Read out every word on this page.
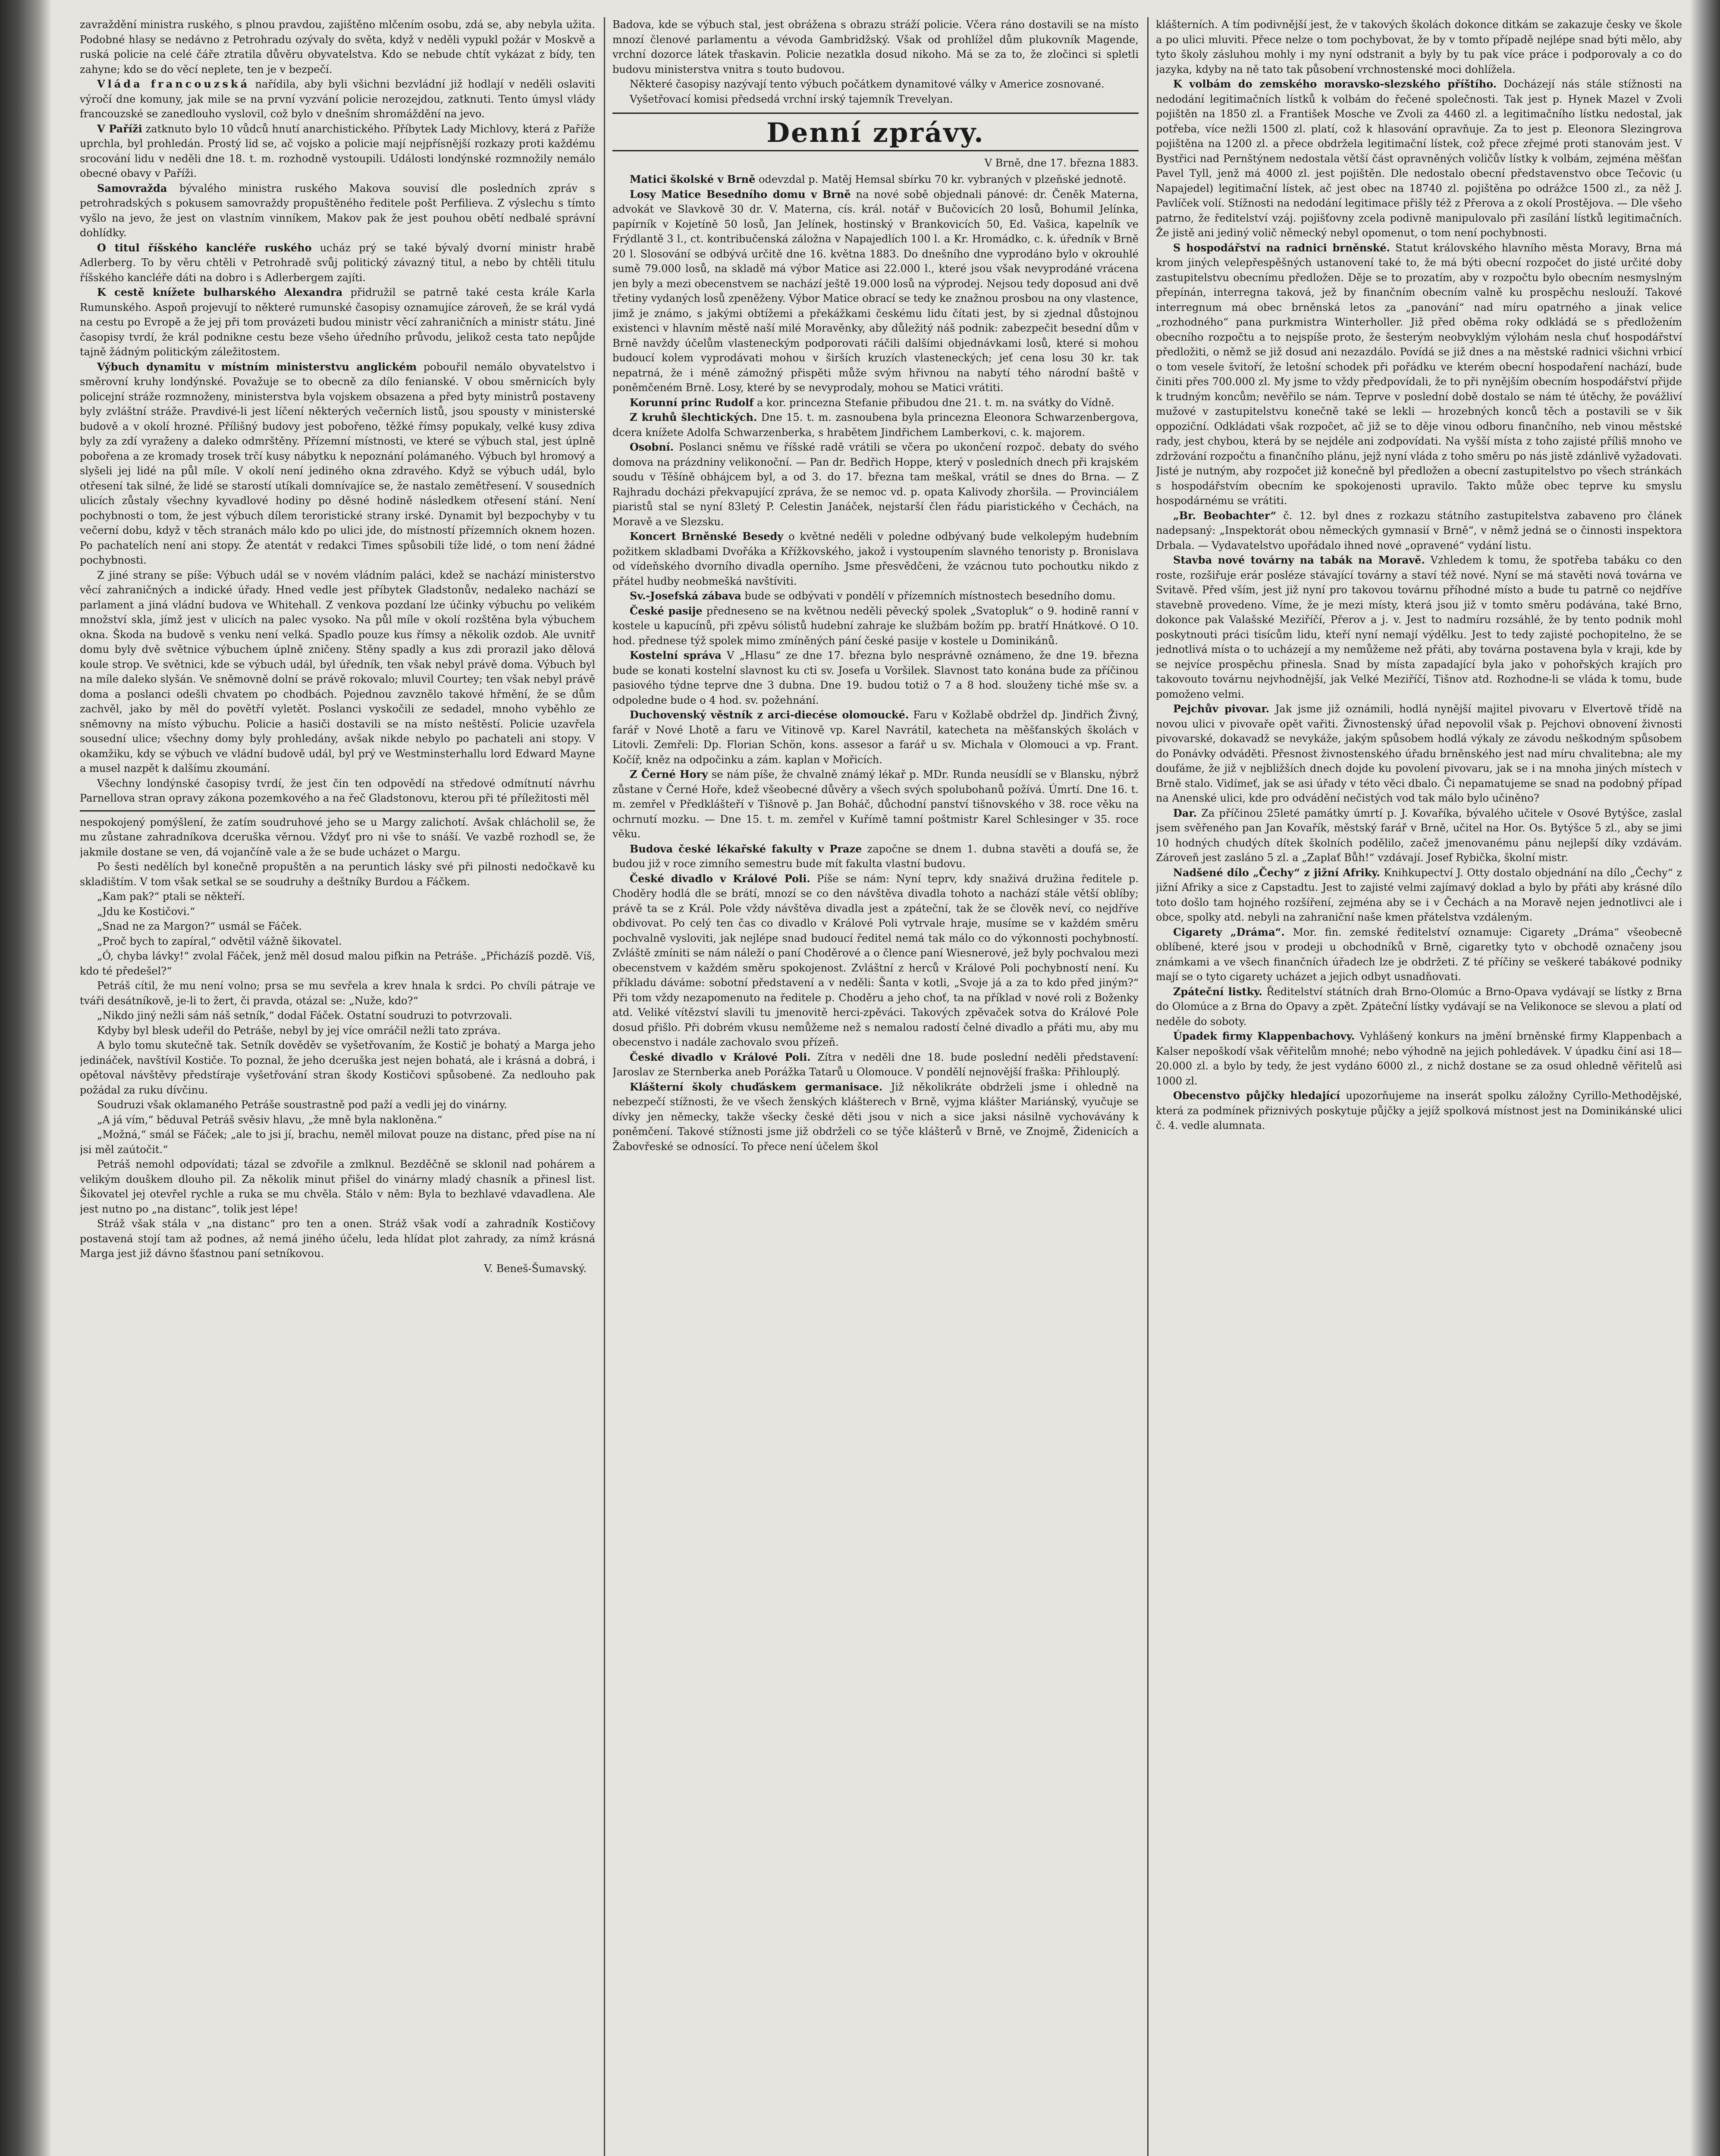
zavraždění ministra ruského, s plnou pravdou, zajištěno mlčením osobu, zdá se, aby nebyla užita. Podobné hlasy se nedávno z Petrohradu ozývaly do světa, když v neděli vypukl požár v Moskvě a ruská policie na celé čáře ztratila důvěru obyvatelstva. Kdo se nebude chtít vykázat z bídy, ten zahyne; kdo se do věcí neplete, ten je v bezpečí.

Vláda francouzská nařídila, aby byli všichni bezvládní již hodlají v neděli oslaviti výročí dne komuny, jak mile se na první vyzvání policie nerozejdou, zatknuti. Tento úmysl vlády francouzské se zanedlouho vyslovil, což bylo v dnešním shromáždění na jevo.

V Paříži zatknuto bylo 10 vůdců hnutí anarchistického. Příbytek Lady Michlovy, která z Paříže uprchla, byl prohledán. Prostý lid se, ač vojsko a policie mají nejpřísnější rozkazy proti každému srocování lidu v neděli dne 18. t. m. rozhodně vystoupili. Události londýnské rozmnožily nemálo obecné obavy v Paříži.

Samovražda bývalého ministra ruského Makova souvisí dle posledních zpráv s petrohradských s pokusem samovraždy propuštěného ředitele pošt Perfilieva. Z výslechu s tímto vyšlo na jevo, že jest on vlastním vinníkem, Makov pak že jest pouhou obětí nedbalé správní dohlídky.

O titul říšského kancléře ruského ucház prý se také bývalý dvorní ministr hrabě Adlerberg. To by věru chtěli v Petrohradě svůj politický závazný titul, a nebo by chtěli titulu říšského kancléře dáti na dobro i s Adlerbergem zajíti.

K cestě knížete bulharského Alexandra přidružil se patrně také cesta krále Karla Rumunského. Aspoň projevují to některé rumunské časopisy oznamujíce zároveň, že se král vydá na cestu po Evropě a že jej při tom provázeti budou ministr věcí zahraničních a ministr státu. Jiné časopisy tvrdí, že král podnikne cestu beze všeho úředního průvodu, jelikož cesta tato nepůjde tajně žádným politickým záležitostem.

Výbuch dynamitu v místním ministerstvu anglickém pobouřil nemálo obyvatelstvo i směrovní kruhy londýnské. Považuje se to obecně za dílo fenianské. V obou směrnicích byly policejní stráže rozmnoženy, ministerstva byla vojskem obsazena a před byty ministrů postaveny byly zvláštní stráže. Pravdivé-li jest líčení některých večerních listů, jsou spousty v ministerské budově a v okolí hrozné. Přílišný budovy jest pobořeno, těžké římsy popukaly, velké kusy zdiva byly za zdí vyraženy a daleko odmrštěny. Přízemní místnosti, ve které se výbuch stal, jest úplně pobořena a ze kromady trosek trčí kusy nábytku k nepoznání polámaného. Výbuch byl hromový a slyšeli jej lidé na půl míle. V okolí není jediného okna zdravého. Když se výbuch udál, bylo otřesení tak silné, že lidé se starostí utíkali domnívajíce se, že nastalo zemětřesení. V sousedních ulicích zůstaly všechny kyvadlové hodiny po děsné hodině následkem otřesení stání. Není pochybnosti o tom, že jest výbuch dílem teroristické strany irské. Dynamit byl bezpochyby v tu večerní dobu, když v těch stranách málo kdo po ulici jde, do místností přízemních oknem hozen. Po pachatelích není ani stopy. Že atentát v redakci Times spůsobili tíže lidé, o tom není žádné pochybnosti.

Z jiné strany se píše: Výbuch udál se v novém vládním paláci, kdež se nachází ministerstvo věcí zahraničných a indické úřady. Hned vedle jest příbytek Gladstonův, nedaleko nachází se parlament a jiná vládní budova ve Whitehall. Z venkova pozdaní lze účinky výbuchu po velikém množství skla, jímž jest v ulicích na palec vysoko. Na půl míle v okolí rozštěna byla výbuchem okna. Škoda na budově s venku není velká. Spadlo pouze kus římsy a několik ozdob. Ale uvnitř domu byly dvě světnice výbuchem úplně zničeny. Stěny spadly a kus zdi prorazil jako dělová koule strop. Ve světnici, kde se výbuch udál, byl úředník, ten však nebyl právě doma. Výbuch byl na míle daleko slyšán. Ve sněmovně dolní se právě rokovalo; mluvil Courtey; ten však nebyl právě doma a poslanci odešli chvatem po chodbách. Pojednou zavznělo takové hřmění, že se dům zachvěl, jako by měl do povětří vyletět. Poslanci vyskočili ze sedadel, mnoho vyběhlo ze sněmovny na místo výbuchu. Policie a hasiči dostavili se na místo neštěstí. Policie uzavřela sousední ulice; všechny domy byly prohledány, avšak nikde nebylo po pachateli ani stopy. V okamžiku, kdy se výbuch ve vládní budově udál, byl prý ve Westminsterhallu lord Edward Mayne a musel nazpět k dalšímu zkoumání.

Všechny londýnské časopisy tvrdí, že jest čin ten odpovědí na středové odmítnutí návrhu Parnellova stran opravy zákona pozemkového a na řeč Gladstonovu, kterou při té příležitosti měl

nespokojený pomýšlení, že zatím soudruhové jeho se u Margy zalichotí. Avšak chlácholil se, že mu zůstane zahradníkova dceruška věrnou. Vždyť pro ni vše to snáší. Ve vazbě rozhodl se, že jakmile dostane se ven, dá vojančíně vale a že se bude ucházet o Margu.

Po šesti nedělích byl konečně propuštěn a na peruntich lásky své při pilnosti nedočkavě ku skladištím. V tom však setkal se se soudruhy a deštníky Burdou a Fáčkem.

„Kam pak?“ ptali se někteří.

„Jdu ke Kostičovi.“

„Snad ne za Margon?“ usmál se Fáček.

„Proč bych to zapíral,“ odvětil vážně šikovatel.

„Ó, chyba lávky!“ zvolal Fáček, jenž měl dosud malou pifkin na Petráše. „Přicházíš pozdě. Víš, kdo té předešel?“

Petráš cítil, že mu není volno; prsa se mu sevřela a krev hnala k srdci. Po chvíli pátraje ve tváři desátníkově, je-li to žert, či pravda, otázal se: „Nuže, kdo?“

„Nikdo jiný nežli sám náš setník,“ dodal Fáček. Ostatní soudruzi to potvrzovali.

Kdyby byl blesk udeřil do Petráše, nebyl by jej více omráčil nežli tato zpráva.

A bylo tomu skutečně tak. Setník dověděv se vyšetřovaním, že Kostič je bohatý a Marga jeho jedináček, navštívil Kostiče. To poznal, že jeho dceruška jest nejen bohatá, ale i krásná a dobrá, i opětoval návštěvy předstíraje vyšetřování stran škody Kostičovi spůsobené. Za nedlouho pak požádal za ruku dívčinu.

Soudruzi však oklamaného Petráše soustrastně pod paží a vedli jej do vinárny.

„A já vím,“ běduval Petráš svěsiv hlavu, „že mně byla nakloněna.“

„Možná,“ smál se Fáček; „ale to jsi jí, brachu, neměl milovat pouze na distanc, před píse na ní jsi měl zaútočit.“

Petráš nemohl odpovídati; tázal se zdvořile a zmlknul. Bezděčně se sklonil nad pohárem a velikým douškem dlouho pil. Za několik minut přišel do vinárny mladý chasník a přinesl list. Šikovatel jej otevřel rychle a ruka se mu chvěla. Stálo v něm: Byla to bezhlavé vdavadlena. Ale jest nutno po „na distanc“, tolik jest lépe!

Stráž však stála v „na distanc“ pro ten a onen. Stráž však vodí a zahradník Kostičovy postavená stojí tam až podnes, až nemá jiného účelu, leda hlídat plot zahrady, za nímž krásná Marga jest již dávno šťastnou paní setníkovou.

V. Beneš-Šumavský.

Badova, kde se výbuch stal, jest obrážena s obrazu stráží policie. Včera ráno dostavili se na místo mnozí členové parlamentu a vévoda Gambridžský. Však od prohlížel dům plukovník Magende, vrchní dozorce látek třaskavin. Policie nezatkla dosud nikoho. Má se za to, že zločinci si spletli budovu ministerstva vnitra s touto budovou.

Některé časopisy nazývají tento výbuch počátkem dynamitové války v Americe zosnované.

Vyšetřovací komisi předsedá vrchní irský tajemník Trevelyan.

Denní zprávy.
V Brně, dne 17. března 1883.

Matici školské v Brně odevzdal p. Matěj Hemsal sbírku 70 kr. vybraných v plzeňské jednotě.

Losy Matice Besedního domu v Brně na nové sobě objednali pánové: dr. Čeněk Materna, advokát ve Slavkově 30 dr. V. Materna, cís. král. notář v Bučovicích 20 losů, Bohumil Jelínka, papírník v Kojetíně 50 losů, Jan Jelínek, hostinský v Brankovicích 50, Ed. Vašica, kapelník ve Frýdlantě 3 l., ct. kontribučenská záložna v Napajedlích 100 l. a Kr. Hromádko, c. k. úředník v Brně 20 l. Slosování se odbývá určitě dne 16. května 1883. Do dnešního dne vyprodáno bylo v okrouhlé sumě 79.000 losů, na skladě má výbor Matice asi 22.000 l., které jsou však nevyprodáné vrácena jen byly a mezi obecenstvem se nachází ještě 19.000 losů na výprodej. Nejsou tedy doposud ani dvě třetiny vydaných losů zpeněženy. Výbor Matice obrací se tedy ke znažnou prosbou na ony vlastence, jimž je známo, s jakými obtížemi a překážkami českému lidu čítati jest, by si zjednal důstojnou existenci v hlavním městě naší milé Moravěnky, aby důležitý náš podnik: zabezpečit besední dům v Brně navždy účelům vlasteneckým podporovati ráčili dalšími objednávkami losů, které si mohou budoucí kolem vyprodávati mohou v širších kruzích vlasteneckých; jeť cena losu 30 kr. tak nepatrná, že i méně zámožný přispěti může svým hřivnou na nabytí tého národní baště v poněmčeném Brně. Losy, které by se nevyprodaly, mohou se Matici vrátiti.

Korunní princ Rudolf a kor. princezna Stefanie přibudou dne 21. t. m. na svátky do Vídně.

Z kruhů šlechtických. Dne 15. t. m. zasnoubena byla princezna Eleonora Schwarzenbergova, dcera knížete Adolfa Schwarzenberka, s hrabětem Jindřichem Lamberkovi, c. k. majorem.

Osobní. Poslanci sněmu ve říšské radě vrátili se včera po ukončení rozpoč. debaty do svého domova na prázdniny velikonoční. — Pan dr. Bedřich Hoppe, který v posledních dnech při krajském soudu v Těšíně obhájcem byl, a od 3. do 17. března tam meškal, vrátil se dnes do Brna. — Z Rajhradu docházi překvapující zpráva, že se nemoc vd. p. opata Kalivody zhoršila. — Provinciálem piaristů stal se nyní 83letý P. Celestin Janáček, nejstarší člen řádu piaristického v Čechách, na Moravě a ve Slezsku.

Koncert Brněnské Besedy o květné neděli v poledne odbývaný bude velkolepým hudebním požitkem skladbami Dvořáka a Křížkovského, jakož i vystoupením slavného tenoristy p. Bronislava od vídeňského dvorního divadla operního. Jsme přesvědčeni, že vzácnou tuto pochoutku nikdo z přátel hudby neobmešká navštíviti.

Sv.-Josefská zábava bude se odbývati v pondělí v přízemních místnostech besedního domu.

České pasije předneseno se na květnou neděli pěvecký spolek „Svatopluk“ o 9. hodině ranní v kostele u kapucínů, při zpěvu sólistů hudební zahraje ke službám božím pp. bratří Hnátkové. O 10. hod. přednese týž spolek mimo zmíněných pání české pasije v kostele u Dominikánů.

Kostelní správa V „Hlasu“ ze dne 17. března bylo nesprávně oznámeno, že dne 19. března bude se konati kostelní slavnost ku cti sv. Josefa u Voršilek. Slavnost tato konána bude za příčinou pasiového týdne teprve dne 3 dubna. Dne 19. budou totiž o 7 a 8 hod. slouženy tiché mše sv. a odpoledne bude o 4 hod. sv. požehnání.

Duchovenský věstník z arci-diecése olomoucké. Faru v Kožlabě obdržel dp. Jindřich Živný, farář v Nové Lhotě a faru ve Vitinově vp. Karel Navrátil, katecheta na měšťanských školách v Litovli. Zemřeli: Dp. Florian Schön, kons. assesor a farář u sv. Michala v Olomouci a vp. Frant. Kočíř, kněz na odpočinku a zám. kaplan v Mořicích.

Z Černé Hory se nám píše, že chvalně známý lékař p. MDr. Runda neusídlí se v Blansku, nýbrž zůstane v Černé Hoře, kdež všeobecné důvěry a všech svých spolubohanů požívá. Úmrtí. Dne 16. t. m. zemřel v Předklášteří v Tišnově p. Jan Boháč, důchodní panství tišnovského v 38. roce věku na ochrnutí mozku. — Dne 15. t. m. zemřel v Kuřímě tamní poštmistr Karel Schlesinger v 35. roce věku.

Budova české lékařské fakulty v Praze započne se dnem 1. dubna stavěti a doufá se, že budou již v roce zimního semestru bude mít fakulta vlastní budovu.

České divadlo v Králové Poli. Píše se nám: Nyní teprv, kdy snaživá družina ředitele p. Choděry hodlá dle se brátí, mnozí se co den návštěva divadla tohoto a nachází stále větší oblíby; právě ta se z Král. Pole vždy návštěva divadla jest a zpáteční, tak že se člověk neví, co nejdříve obdivovat. Po celý ten čas co divadlo v Králové Poli vytrvale hraje, musíme se v každém směru pochvalně vysloviti, jak nejlépe snad budoucí ředitel nemá tak málo co do výkonnosti pochybností. Zvláště zmíniti se nám náleží o paní Choděrové a o člence paní Wiesnerové, jež byly pochvalou mezi obecenstvem v každém směru spokojenost. Zvláštní z herců v Králové Poli pochybností není. Ku příkladu dáváme: sobotní představení a v neděli: Šanta v kotli, „Svoje já a za to kdo před jiným?“ Při tom vždy nezapomenuto na ředitele p. Choděru a jeho choť, ta na příklad v nové roli z Boženky atd. Veliké vítězství slavili tu jmenovitě herci-zpěváci. Takových zpěvaček sotva do Králové Pole dosud přišlo. Při dobrém vkusu nemůžeme než s nemalou radostí čelné divadlo a přáti mu, aby mu obecenstvo i nadále zachovalo svou přízeň.

České divadlo v Králové Poli. Zítra v neděli dne 18. bude poslední neděli představení: Jaroslav ze Sternberka aneb Porážka Tatarů u Olomouce. V pondělí nejnovější fraška: Přihlouplý.

Klášterní školy chuďáskem germanisace. Již několikráte obdrželi jsme i ohledně na nebezpečí stížnosti, že ve všech ženských klášterech v Brně, vyjma klášter Mariánský, vyučuje se dívky jen německy, takže všecky české děti jsou v nich a sice jaksi násilně vychovávány k poněmčení. Takové stížnosti jsme již obdrželi co se týče klášterů v Brně, ve Znojmě, Židenicích a Žabovřeské se odnosící. To přece není účelem škol

klášterních. A tím podivnější jest, že v takových školách dokonce ditkám se zakazuje česky ve škole a po ulici mluviti. Přece nelze o tom pochybovat, že by v tomto případě nejlépe snad býti mělo, aby tyto školy zásluhou mohly i my nyní odstranit a byly by tu pak více práce i podporovaly a co do jazyka, kdyby na ně tato tak působení vrchnostenské moci dohlížela.

K volbám do zemského moravsko-slezského příštího. Docházejí nás stále stížnosti na nedodání legitimačních lístků k volbám do řečené společnosti. Tak jest p. Hynek Mazel v Zvoli pojištěn na 1850 zl. a František Mosche ve Zvoli za 4460 zl. a legitimačního lístku nedostal, jak potřeba, více nežli 1500 zl. platí, což k hlasování opravňuje. Za to jest p. Eleonora Slezingrova pojištěna na 1200 zl. a přece obdržela legitimační lístek, což přece zřejmé proti stanovám jest. V Bystřici nad Pernštýnem nedostala větší část opravněných voličův lístky k volbám, zejména měšťan Pavel Tyll, jenž má 4000 zl. jest pojištěn. Dle nedostalo obecní představenstvo obce Tečovic (u Napajedel) legitimační lístek, ač jest obec na 18740 zl. pojištěna po odrážce 1500 zl., za něž J. Pavlíček volí. Stížnosti na nedodání legitimace přišly též z Přerova a z okolí Prostějova. — Dle všeho patrno, že ředitelství vzáj. pojišťovny zcela podivně manipulovalo při zasílání lístků legitimačních. Že jistě ani jediný volič německý nebyl opomenut, o tom není pochybnosti.

S hospodářství na radnici brněnské. Statut královského hlavního města Moravy, Brna má krom jiných velepřespěšných ustanovení také to, že má býti obecní rozpočet do jisté určité doby zastupitelstvu obecnímu předložen. Děje se to prozatím, aby v rozpočtu bylo obecním nesmyslným přepínán, interregna taková, jež by finančním obecním valně ku prospěchu neslouží. Takové interregnum má obec brněnská letos za „panování“ nad míru opatrného a jinak velice „rozhodného“ pana purkmistra Winterholler. Již před oběma roky odkládá se s předložením obecního rozpočtu a to nejspíše proto, že šesterým neobvyklým výlohám nesla chuť hospodářství předložiti, o němž se již dosud ani nezazdálo. Povídá se již dnes a na městské radnici všichni vrbicí o tom vesele švitoří, že letošní schodek při pořádku ve kterém obecní hospodaření nachází, bude činiti přes 700.000 zl. My jsme to vždy předpovídali, že to při nynějším obecním hospodářství přijde k trudným koncům; nevěřilo se nám. Teprve v poslední době dostalo se nám té útěchy, že povážliví mužové v zastupitelstvu konečně také se lekli — hrozebných konců těch a postavili se v šik oppoziční. Odkládati však rozpočet, ač již se to děje vinou odboru finančního, neb vinou městské rady, jest chybou, která by se nejdéle ani zodpovídati. Na vyšší místa z toho zajisté příliš mnoho ve zdržování rozpočtu a finančního plánu, jejž nyní vláda z toho směru po nás jistě zdánlivě vyžadovati. Jisté je nutným, aby rozpočet již konečně byl předložen a obecní zastupitelstvo po všech stránkách s hospodářstvím obecním ke spokojenosti upravilo. Takto může obec teprve ku smyslu hospodárnému se vrátiti.

„Br. Beobachter“ č. 12. byl dnes z rozkazu státního zastupitelstva zabaveno pro článek nadepsaný: „Inspektorát obou německých gymnasií v Brně“, v němž jedná se o činnosti inspektora Drbala. — Vydavatelstvo upořádalo ihned nové „opravené“ vydání listu.

Stavba nové továrny na tabák na Moravě. Vzhledem k tomu, že spotřeba tabáku co den roste, rozšiřuje erár posléze stávající továrny a staví též nové. Nyní se má stavěti nová továrna ve Svitavě. Před vším, jest již nyní pro takovou továrnu příhodné místo a bude tu patrně co nejdříve stavebně provedeno. Víme, že je mezi místy, která jsou již v tomto směru podávána, také Brno, dokonce pak Valašské Meziříčí, Přerov a j. v. Jest to nadmíru rozsáhlé, že by tento podnik mohl poskytnouti práci tisícům lidu, kteří nyní nemají výdělku. Jest to tedy zajisté pochopitelno, že se jednotlivá místa o to ucházejí a my nemůžeme než přáti, aby továrna postavena byla v kraji, kde by se nejvíce prospěchu přinesla. Snad by místa zapadající byla jako v pohořských krajích pro takovouto továrnu nejvhodnější, jak Velké Meziříčí, Tišnov atd. Rozhodne-li se vláda k tomu, bude pomoženo velmi.

Pejchův pivovar. Jak jsme již oznámili, hodlá nynější majitel pivovaru v Elvertově třídě na novou ulici v pivovaře opět vařiti. Živnostenský úřad nepovolil však p. Pejchovi obnovení živnosti pivovarské, dokavadž se nevykáže, jakým spůsobem hodlá výkaly ze závodu neškodným spůsobem do Ponávky odváděti. Přesnost živnostenského úřadu brněnského jest nad míru chvalitebna; ale my doufáme, že již v nejbližších dnech dojde ku povolení pivovaru, jak se i na mnoha jiných místech v Brně stalo. Vidímeť, jak se asi úřady v této věci dbalo. Či nepamatujeme se snad na podobný případ na Anenské ulici, kde pro odvádění nečistých vod tak málo bylo učiněno?

Dar. Za příčinou 25leté památky úmrtí p. J. Kovaříka, bývalého učitele v Osové Bytýšce, zaslal jsem svěřeného pan Jan Kovařík, městský farář v Brně, učitel na Hor. Os. Bytýšce 5 zl., aby se jimi 10 hodných chudých dítek školních podělilo, začež jmenovanému pánu nejlepší díky vzdávám. Zároveň jest zasláno 5 zl. a „Zaplať Bůh!“ vzdávají. Josef Rybička, školní mistr.

Nadšené dílo „Čechy“ z jižní Afriky. Knihkupectví J. Otty dostalo objednání na dílo „Čechy“ z jižní Afriky a sice z Capstadtu. Jest to zajisté velmi zajímavý doklad a bylo by přáti aby krásné dílo toto došlo tam hojného rozšíření, zejména aby se i v Čechách a na Moravě nejen jednotlivci ale i obce, spolky atd. nebyli na zahraniční naše kmen přátelstva vzdáleným.

Cigarety „Dráma“. Mor. fin. zemské ředitelství oznamuje: Cigarety „Dráma“ všeobecně oblíbené, které jsou v prodeji u obchodníků v Brně, cigaretky tyto v obchodě označeny jsou známkami a ve všech finančních úřadech lze je obdržeti. Z té příčiny se veškeré tabákové podniky mají se o tyto cigarety ucházet a jejich odbyt usnadňovati.

Zpáteční listky. Ředitelství státních drah Brno-Olomúc a Brno-Opava vydávají se lístky z Brna do Olomúce a z Brna do Opavy a zpět. Zpáteční lístky vydávají se na Velikonoce se slevou a platí od neděle do soboty.

Úpadek firmy Klappenbachovy. Vyhlášený konkurs na jmění brněnské firmy Klappenbach a Kalser nepoškodí však věřitelům mnohé; nebo výhodně na jejich pohledávek. V úpadku činí asi 18—20.000 zl. a bylo by tedy, že jest vydáno 6000 zl., z nichž dostane se za osud ohledně věřitelů asi 1000 zl.

Obecenstvo půjčky hledající upozorňujeme na inserát spolku záložny Cyrillo-Methodějské, která za podmínek přiznivých poskytuje půjčky a jejíž spolková místnost jest na Dominikánské ulici č. 4. vedle alumnata.
